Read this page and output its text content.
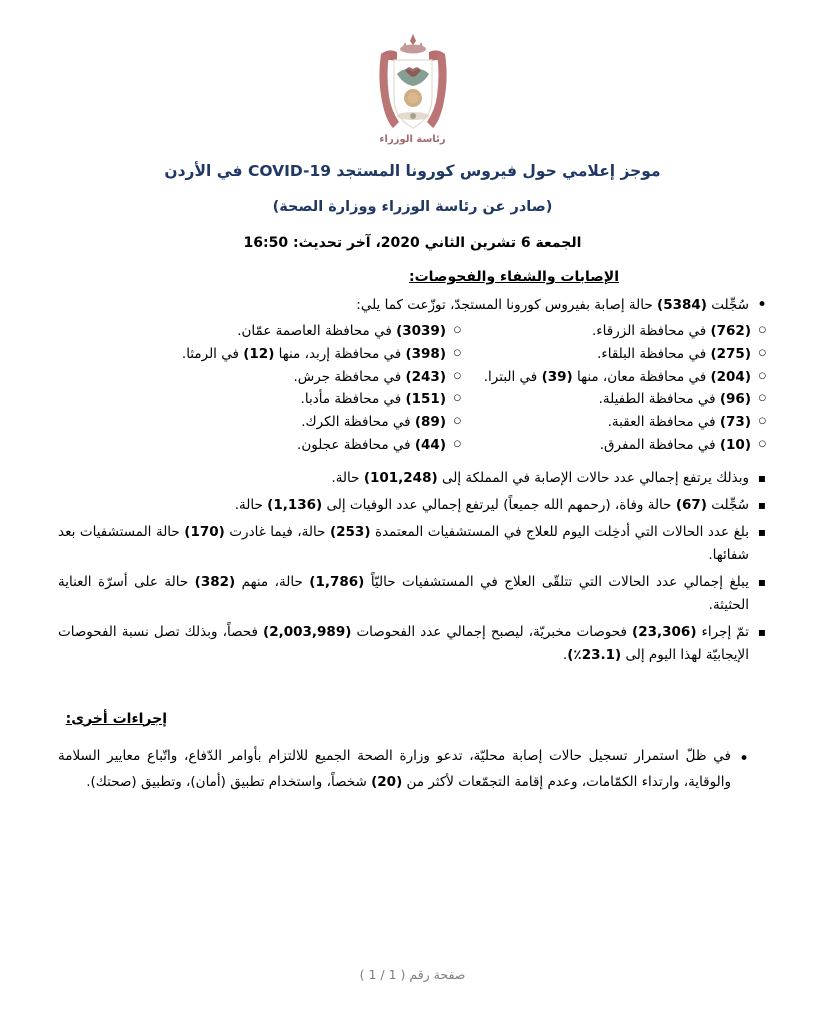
رئاسة الوزراء
موجز إعلامي حول فيروس كورونا المستجد COVID-19 في الأردن
(صادر عن رئاسة الوزراء ووزارة الصحة)
الجمعة 6 تشرين الثاني 2020، آخر تحديث: 16:50
الإصابات والشفاء والفحوصات:
• سُجِّلت (5384) حالة إصابة بفيروس كورونا المستجدّ، توزّعت كما يلي:
○ (762) في محافظة الزرقاء.
○ (3039) في محافظة العاصمة عمّان.
○ (275) في محافظة البلقاء.
○ (398) في محافظة إربد، منها (12) في الرمثا.
○ (204) في محافظة معان، منها (39) في البترا.
○ (243) في محافظة جرش.
○ (96) في محافظة الطفيلة.
○ (151) في محافظة مأدبا.
○ (73) في محافظة العقبة.
○ (89) في محافظة الكرك.
○ (10) في محافظة المفرق.
○ (44) في محافظة عجلون.
▪ وبذلك يرتفع إجمالي عدد حالات الإصابة في المملكة إلى (101,248) حالة.
▪ سُجِّلت (67) حالة وفاة، (رحمهم الله جميعاً) ليرتفع إجمالي عدد الوفيات إلى (1,136) حالة.
▪ بلغ عدد الحالات التي أدخِلت اليوم للعلاج في المستشفيات المعتمدة (253) حالة، فيما غادرت (170) حالة المستشفيات بعد شفائها.
▪ يبلغ إجمالي عدد الحالات التي تتلقّى العلاج في المستشفيات حاليّاً (1,786) حالة، منهم (382) حالة على أسرّة العناية الحثيثة.
▪ تمّ إجراء (23,306) فحوصات مخبريّة، ليصبح إجمالي عدد الفحوصات (2,003,989) فحصاً، وبذلك تصل نسبة الفحوصات الإيجابيّة لهذا اليوم إلى (23.1٪).
إجراءات أخرى:
• في ظلّ استمرار تسجيل حالات إصابة محليّة، تدعو وزارة الصحة الجميع للالتزام بأوامر الدّفاع، واتّباع معايير السلامة والوقاية، وارتداء الكمّامات، وعدم إقامة التجمّعات لأكثر من (20) شخصاً، واستخدام تطبيق (أمان)، وتطبيق (صحتك).
صفحة رقم ( 1 / 1 )
